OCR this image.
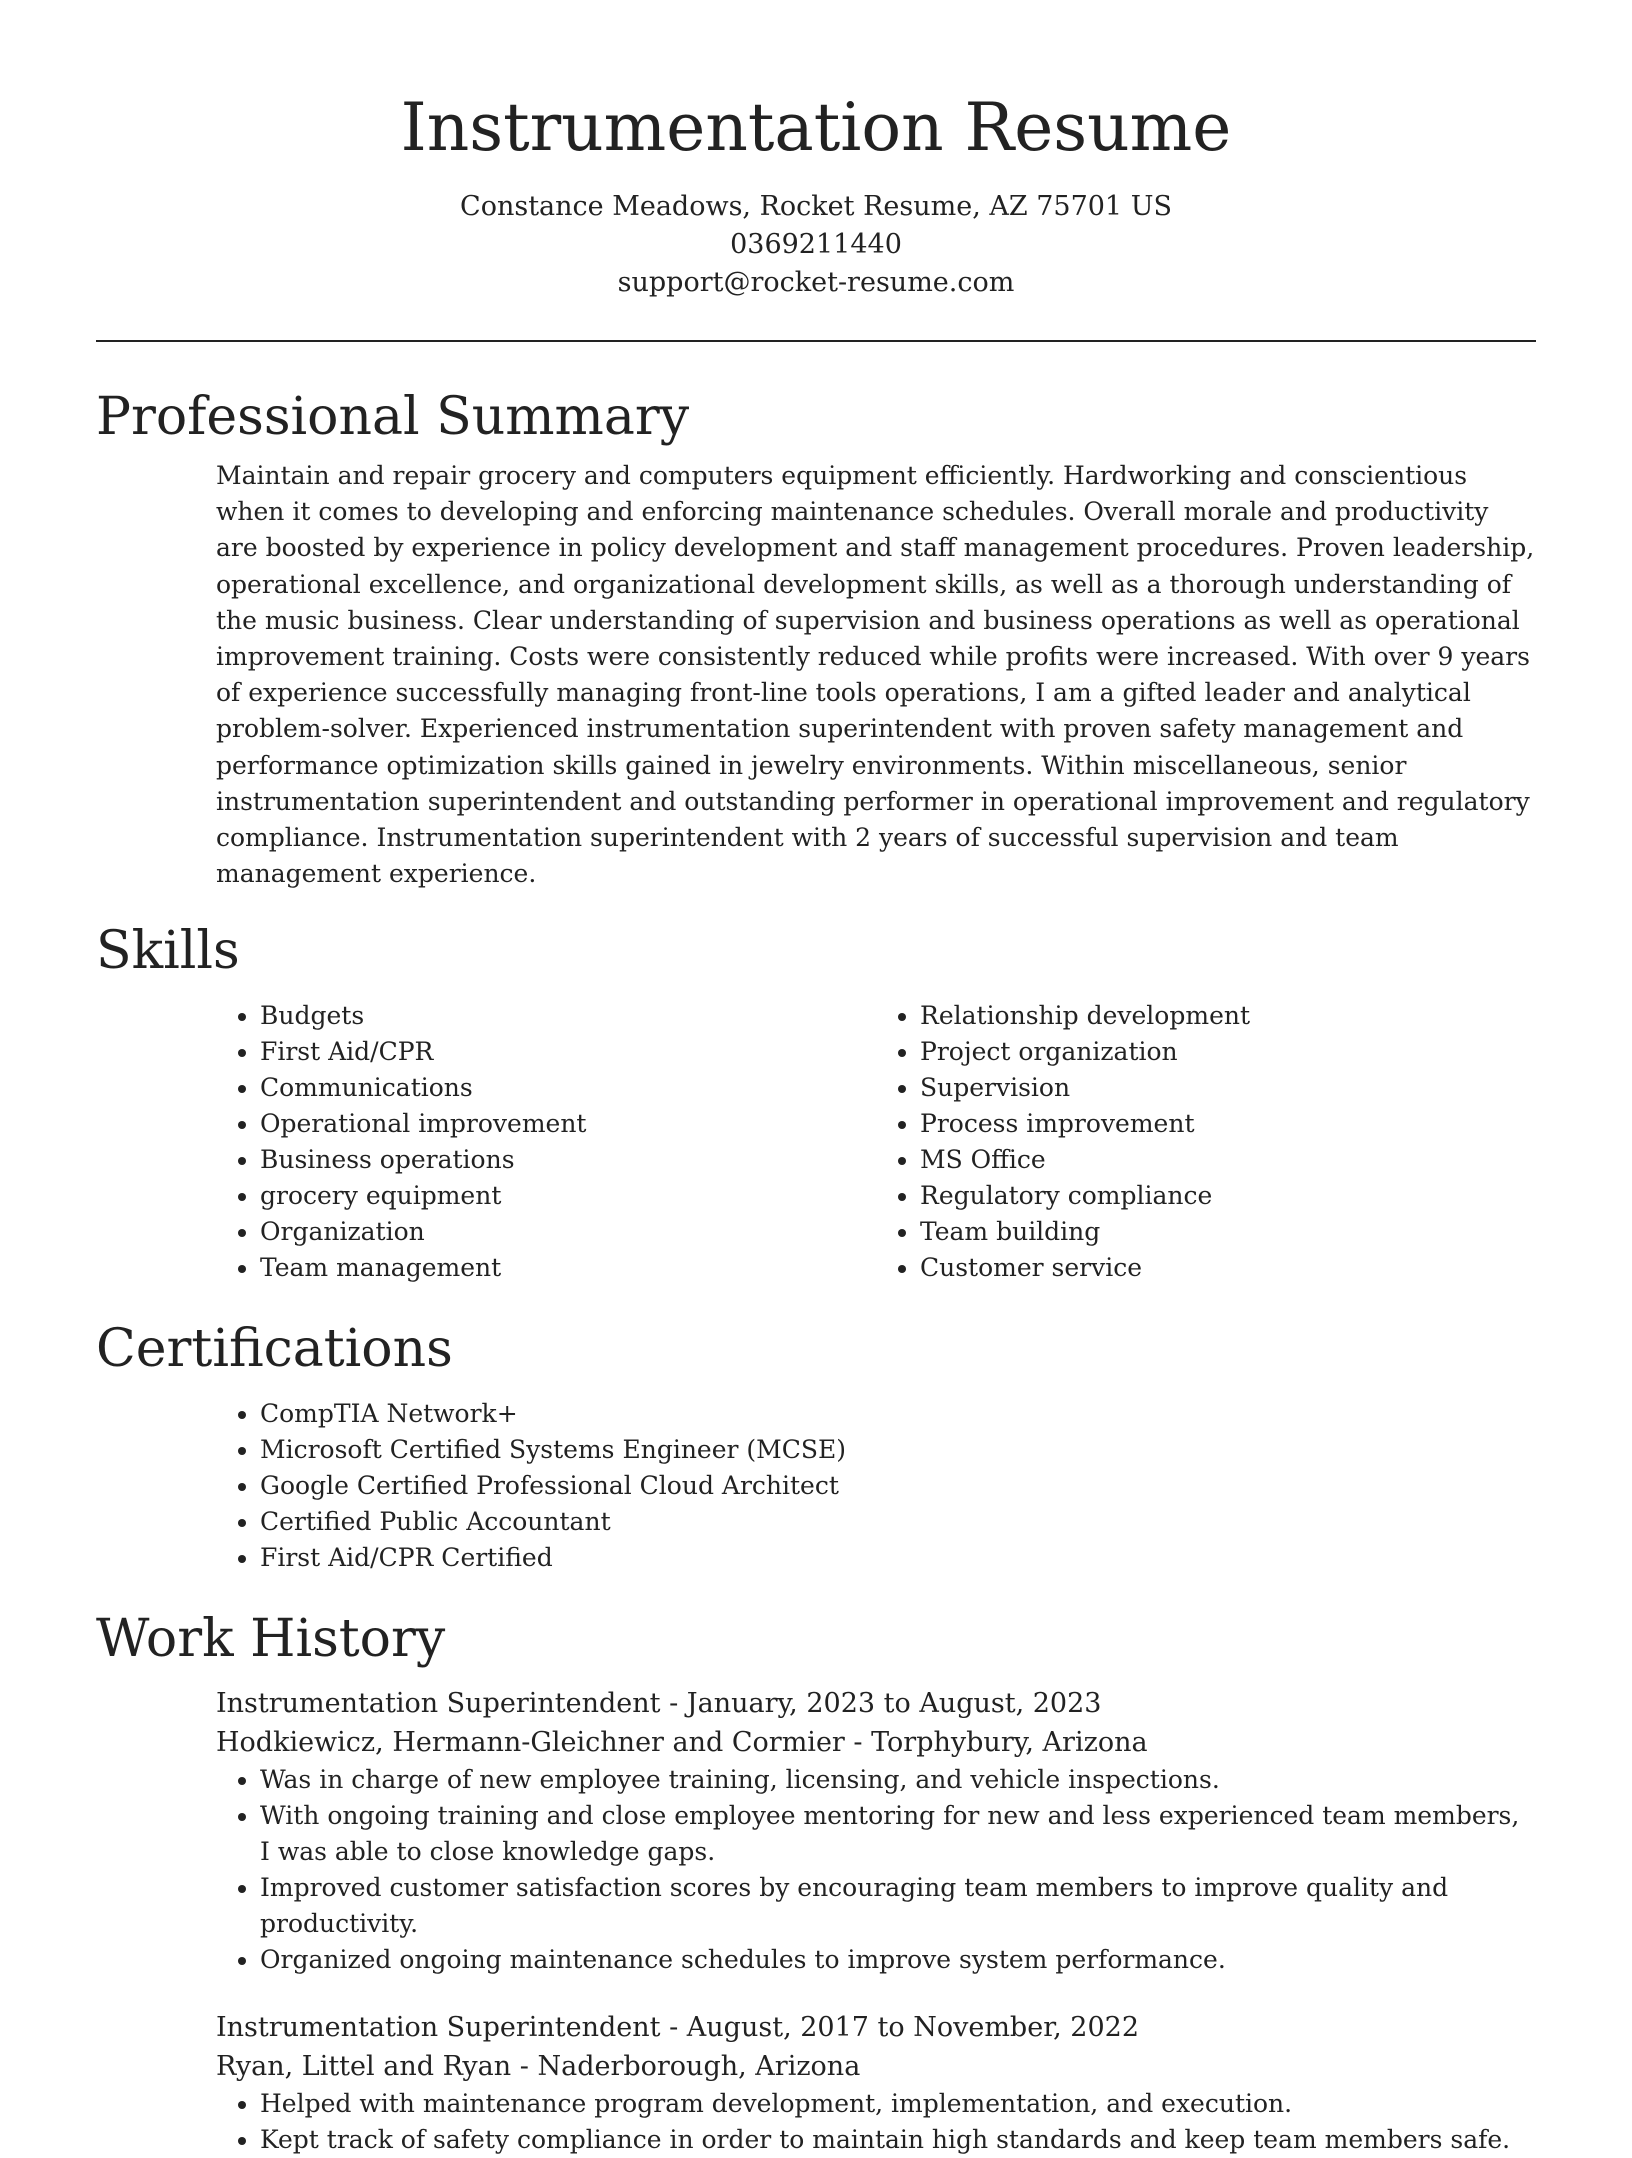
Instrumentation Resume
Constance Meadows, Rocket Resume, AZ 75701 US
0369211440
support@rocket-resume.com
Professional Summary

Maintain and repair grocery and computers equipment efficiently. Hardworking and conscientious when it comes to developing and enforcing maintenance schedules. Overall morale and productivity are boosted by experience in policy development and staff management procedures. Proven leadership, operational excellence, and organizational development skills, as well as a thorough understanding of the music business. Clear understanding of supervision and business operations as well as operational improvement training. Costs were consistently reduced while profits were increased. With over 9 years of experience successfully managing front-line tools operations, I am a gifted leader and analytical problem-solver. Experienced instrumentation superintendent with proven safety management and performance optimization skills gained in jewelry environments. Within miscellaneous, senior instrumentation superintendent and outstanding performer in operational improvement and regulatory compliance. Instrumentation superintendent with 2 years of successful supervision and team management experience.

Skills
• Budgets
• First Aid/CPR
• Communications
• Operational improvement
• Business operations
• grocery equipment
• Organization
• Team management
• Relationship development
• Project organization
• Supervision
• Process improvement
• MS Office
• Regulatory compliance
• Team building
• Customer service
Certifications
• CompTIA Network+
• Microsoft Certified Systems Engineer (MCSE)
• Google Certified Professional Cloud Architect
• Certified Public Accountant
• First Aid/CPR Certified
Work History
Instrumentation Superintendent - January, 2023 to August, 2023
Hodkiewicz, Hermann-Gleichner and Cormier - Torphybury, Arizona
• Was in charge of new employee training, licensing, and vehicle inspections.
• With ongoing training and close employee mentoring for new and less experienced team members, I was able to close knowledge gaps.
• Improved customer satisfaction scores by encouraging team members to improve quality and productivity.
• Organized ongoing maintenance schedules to improve system performance.
Instrumentation Superintendent - August, 2017 to November, 2022
Ryan, Littel and Ryan - Naderborough, Arizona
• Helped with maintenance program development, implementation, and execution.
• Kept track of safety compliance in order to maintain high standards and keep team members safe.
